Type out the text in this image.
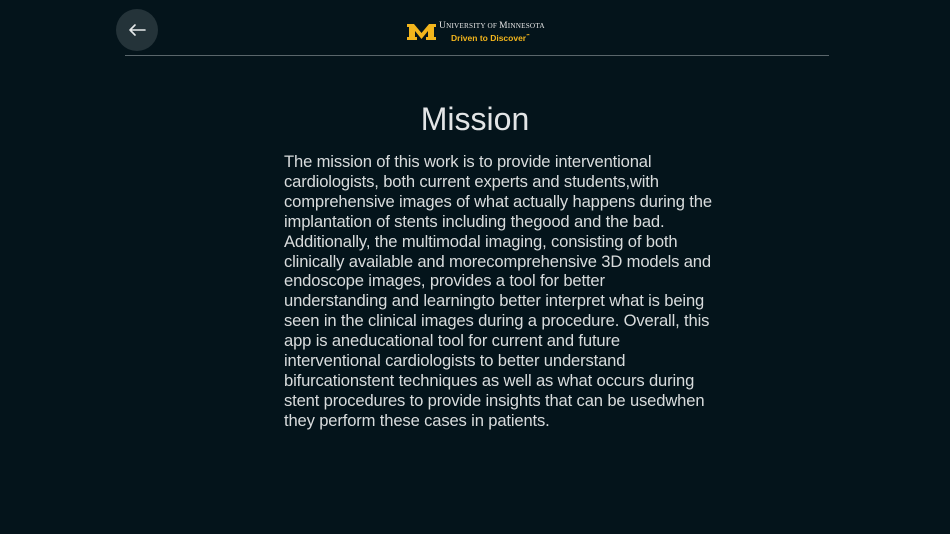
UNIVERSITY OF MINNESOTA
Driven to Discover℠
Mission

The mission of this work is to provide interventional cardiologists, both current experts and students,with comprehensive images of what actually happens during the implantation of stents including thegood and the bad. Additionally, the multimodal imaging, consisting of both clinically available and morecomprehensive 3D models and endoscope images, provides a tool for better understanding and learningto better interpret what is being seen in the clinical images during a procedure. Overall, this app is aneducational tool for current and future interventional cardiologists to better understand bifurcationstent techniques as well as what occurs during stent procedures to provide insights that can be usedwhen they perform these cases in patients.
